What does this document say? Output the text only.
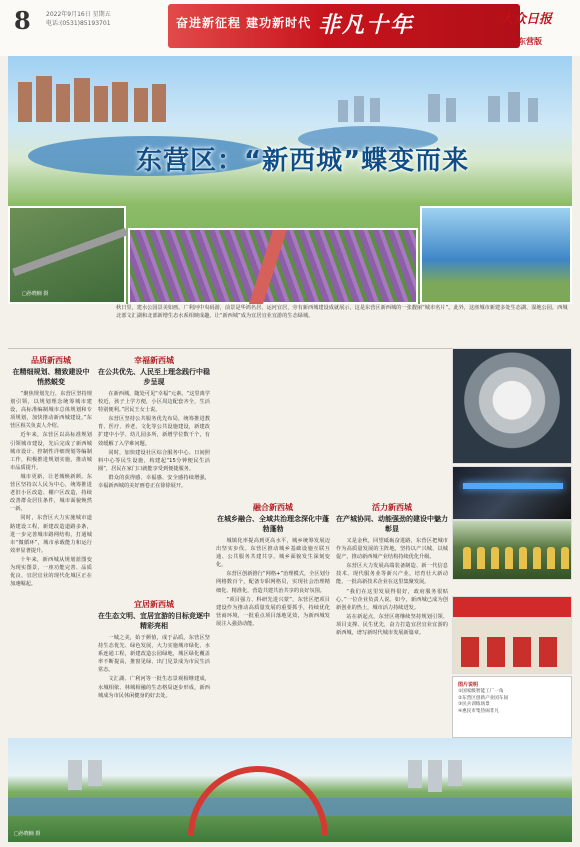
8	2022年9月16日 星期五
电话:(0531)85193701	奋进新征程 建功新时代 非凡十年	大众日报
东营版
东营区：“新西城”蝶变而来
□孙晓楠 摄
秋日里，建水公园景美如画。广利河中央码游，前景是华鸿名居、运河宜居，旁有新西城建设成就展示，这是东营区新西城的一张靓丽“城市名片”。此外，这座城市新建多处生态湖、湿地公园，西城北部文汇湖和北部新增生态水系相映成趣，让“新西城”成为宜居宜业宜游的生态绿城。
品质新西城
在精细规划、精致建设中悄然蜕变

“聚焦规划先行，东营区坚持规划引领，以规划理念统筹城市建设，高标准编制城市总体规划和专项规划，加快推动新西城建设。”东营区相关负责人介绍。

近年来，东营区以高标准规划引领城市建设，先后完成了新西城城市设计、控制性详细规划等编制工作，积极推进规划实施，推动城市品质提升。

城市更新，让老城焕新颜。东营区坚持以人民为中心，统筹推进老旧小区改造、棚户区改造，持续改善群众居住条件，城市面貌焕然一新。

同时，东营区大力实施城市道路建设工程，新建改造道路多条，进一步完善城市路网结构，打通城市“微循环”，城市承载能力和运行效率显著提升。

十年来，新西城从规划蓝图变为现实图景，一座功能完善、品质优良、宜居宜业的现代化城区正在加速崛起。

幸福新西城
在公共优先、人民至上理念践行中稳步呈现

在新西城，随处可见“幸福”元素。“这里离学校近，孩子上学方便，小区周边配套齐全，生活特别便利。”居民王女士说。

东营区坚持公共服务优先布局，统筹推进教育、医疗、养老、文化等公共设施建设，新建改扩建中小学、幼儿园多所，新增学位数千个，有效缓解了入学难问题。

同时，加快建设社区综合服务中心、日间照料中心等民生设施，构建起“15分钟便民生活圈”，居民在家门口就能享受到便捷服务。

群众的获得感、幸福感、安全感持续增强，幸福新西城的美好画卷正在徐徐展开。

宜居新西城
在生态文明、宜居宜游的目标竞逐中精彩亮相

一城之美，始于颜值，成于品质。东营区坚持生态优先、绿色发展，大力实施城市绿化、水系连通工程，新建改造公园绿地，城区绿化覆盖率不断提高，推窗见绿、出门见景成为市民生活常态。

文汇湖、广利河等一批生态景观相继建成，水城相依、林城相融的生态格局逐步形成，新西城成为市民休闲健身的好去处。

融合新西城
在城乡融合、全域共治理念深化中蓬勃蓬勃

城镇化率提高到更高水平，城乡统筹发展迈出坚实步伐。东营区推动城乡基础设施互联互通、公共服务共建共享，城乡面貌发生深刻变化。

东营区创新推行“网格+”治理模式，全区划分网格数百个，配备专职网格员，实现社会治理精细化、精准化，营造共建共治共享的良好氛围。

“项目强力、科研先进兴蒙”，东营区把项目建设作为推动高质量发展的重要抓手，持续优化营商环境，一批重点项目落地见效，为新西城发展注入强劲动能。

活力新西城
在产城协同、动能强劲的建设中魅力彰显

又是金秋，回望砥砺奋进路，东营区把城市作为高质量发展的主阵地，坚持以产兴城、以城促产，推动新西城产业结构持续优化升级。

东营区大力发展高端装备制造、新一代信息技术、现代服务业等新兴产业，培育壮大新动能，一批高新技术企业在这里集聚发展。

“我们在这里发展得很好，政府服务很贴心。”一位企业负责人说。如今，新西城已成为创新创业的热土，城市活力持续迸发。

站在新起点，东营区将继续坚持规划引领、项目支撑、民生优先，奋力打造宜居宜业宜游的新西城，谱写新时代城市发展新篇章。

图片说明
①国家级智能工厂一角
②东营区创新产业园车间
③民兵训练场景
④惠民市集热闹非凡
□孙晓楠 摄
